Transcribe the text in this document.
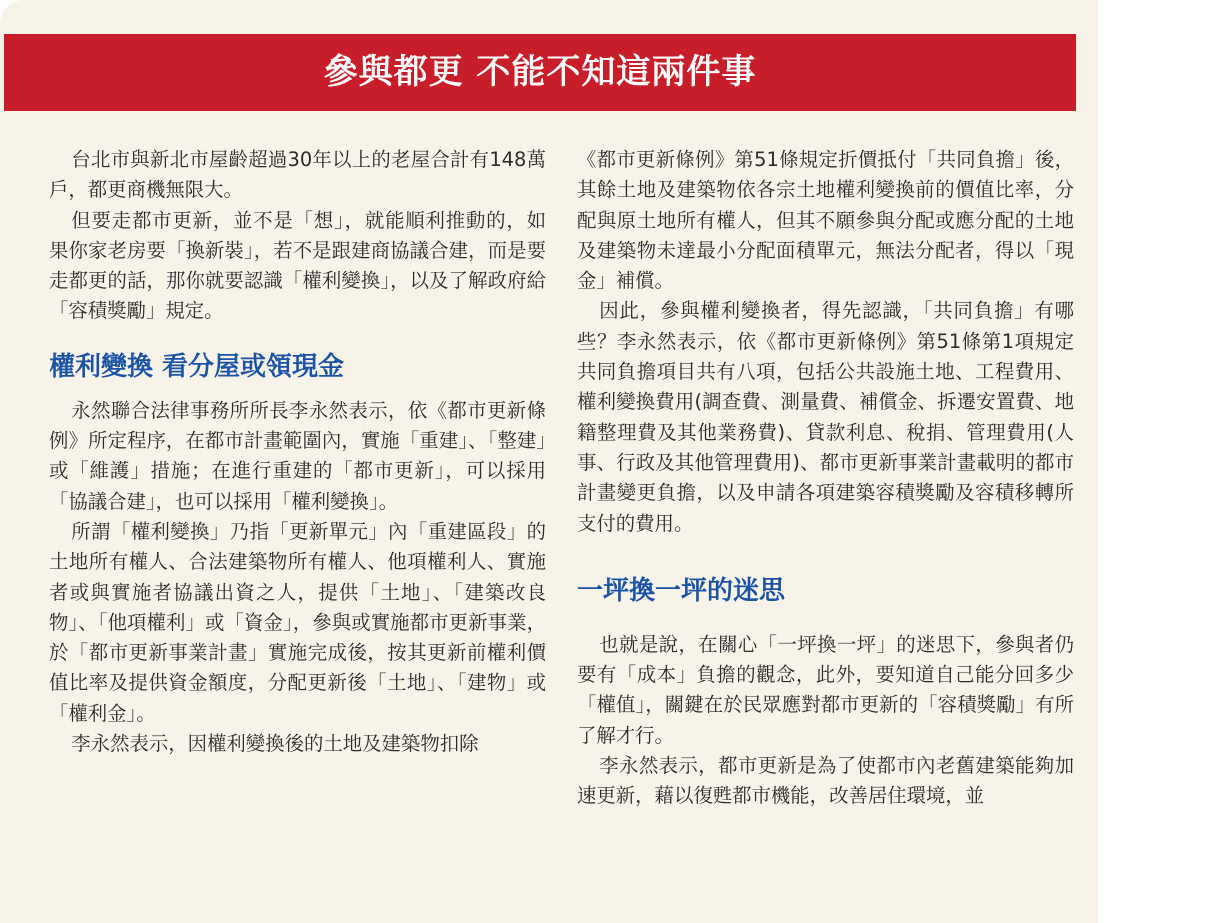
參與都更 不能不知這兩件事

台北市與新北市屋齡超過30年以上的老屋合計有148萬戶，都更商機無限大。

但要走都市更新，並不是「想」，就能順利推動的，如果你家老房要「換新裝」，若不是跟建商協議合建，而是要走都更的話，那你就要認識「權利變換」，以及了解政府給「容積獎勵」規定。

權利變換 看分屋或領現金

永然聯合法律事務所所長李永然表示，依《都市更新條例》所定程序，在都市計畫範圍內，實施「重建」、「整建」或「維護」措施；在進行重建的「都市更新」，可以採用「協議合建」，也可以採用「權利變換」。

所謂「權利變換」乃指「更新單元」內「重建區段」的土地所有權人、合法建築物所有權人、他項權利人、實施者或與實施者協議出資之人，提供「土地」、「建築改良物」、「他項權利」或「資金」，參與或實施都市更新事業，於「都市更新事業計畫」實施完成後，按其更新前權利價值比率及提供資金額度，分配更新後「土地」、「建物」或「權利金」。

李永然表示，因權利變換後的土地及建築物扣除

《都市更新條例》第51條規定折價抵付「共同負擔」後，其餘土地及建築物依各宗土地權利變換前的價值比率，分配與原土地所有權人，但其不願參與分配或應分配的土地及建築物未達最小分配面積單元，無法分配者，得以「現金」補償。

因此，參與權利變換者，得先認識，「共同負擔」有哪些？李永然表示，依《都市更新條例》第51條第1項規定共同負擔項目共有八項，包括公共設施土地、工程費用、權利變換費用(調查費、測量費、補償金、拆遷安置費、地籍整理費及其他業務費)、貸款利息、稅捐、管理費用(人事、行政及其他管理費用)、都市更新事業計畫載明的都市計畫變更負擔，以及申請各項建築容積獎勵及容積移轉所支付的費用。

一坪換一坪的迷思

也就是說，在關心「一坪換一坪」的迷思下，參與者仍要有「成本」負擔的觀念，此外，要知道自己能分回多少「權值」，關鍵在於民眾應對都市更新的「容積獎勵」有所了解才行。

李永然表示，都市更新是為了使都市內老舊建築能夠加速更新，藉以復甦都市機能，改善居住環境，並
